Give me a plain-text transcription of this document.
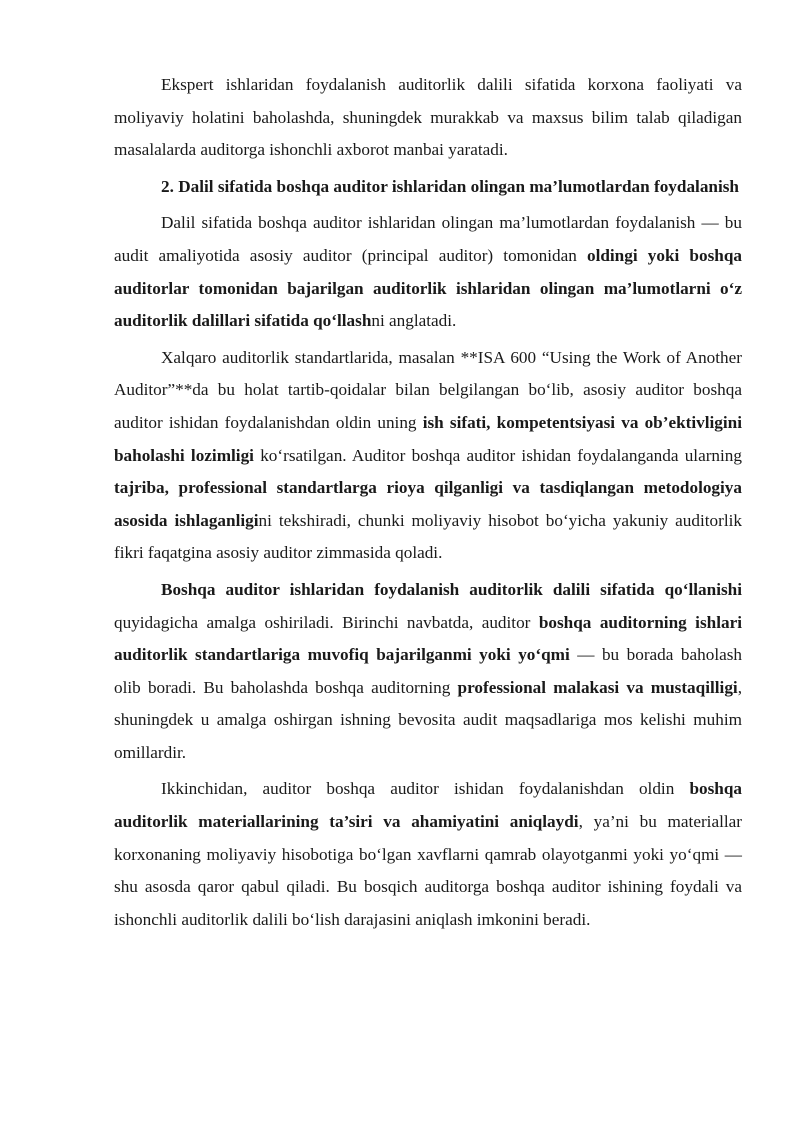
Ekspert ishlaridan foydalanish auditorlik dalili sifatida korxona faoliyati va moliyaviy holatini baholashda, shuningdek murakkab va maxsus bilim talab qiladigan masalalarda auditorga ishonchli axborot manbai yaratadi.

2. Dalil sifatida boshqa auditor ishlaridan olingan ma’lumotlardan foydalanish

Dalil sifatida boshqa auditor ishlaridan olingan ma’lumotlardan foydalanish — bu audit amaliyotida asosiy auditor (principal auditor) tomonidan oldingi yoki boshqa auditorlar tomonidan bajarilgan auditorlik ishlaridan olingan ma’lumotlarni o‘z auditorlik dalillari sifatida qo‘llashni anglatadi.

Xalqaro auditorlik standartlarida, masalan **ISA 600 “Using the Work of Another Auditor”**da bu holat tartib-qoidalar bilan belgilangan bo‘lib, asosiy auditor boshqa auditor ishidan foydalanishdan oldin uning ish sifati, kompetentsiyasi va ob’ektivligini baholashi lozimligi ko‘rsatilgan. Auditor boshqa auditor ishidan foydalanganda ularning tajriba, professional standartlarga rioya qilganligi va tasdiqlangan metodologiya asosida ishlaganligini tekshiradi, chunki moliyaviy hisobot bo‘yicha yakuniy auditorlik fikri faqatgina asosiy auditor zimmasida qoladi.

Boshqa auditor ishlaridan foydalanish auditorlik dalili sifatida qo‘llanishi quyidagicha amalga oshiriladi. Birinchi navbatda, auditor boshqa auditorning ishlari auditorlik standartlariga muvofiq bajarilganmi yoki yo‘qmi — bu borada baholash olib boradi. Bu baholashda boshqa auditorning professional malakasi va mustaqilligi, shuningdek u amalga oshirgan ishning bevosita audit maqsadlariga mos kelishi muhim omillardir.

Ikkinchidan, auditor boshqa auditor ishidan foydalanishdan oldin boshqa auditorlik materiallarining ta’siri va ahamiyatini aniqlaydi, ya’ni bu materiallar korxonaning moliyaviy hisobotiga bo‘lgan xavflarni qamrab olayotganmi yoki yo‘qmi — shu asosda qaror qabul qiladi. Bu bosqich auditorga boshqa auditor ishining foydali va ishonchli auditorlik dalili bo‘lish darajasini aniqlash imkonini beradi.
